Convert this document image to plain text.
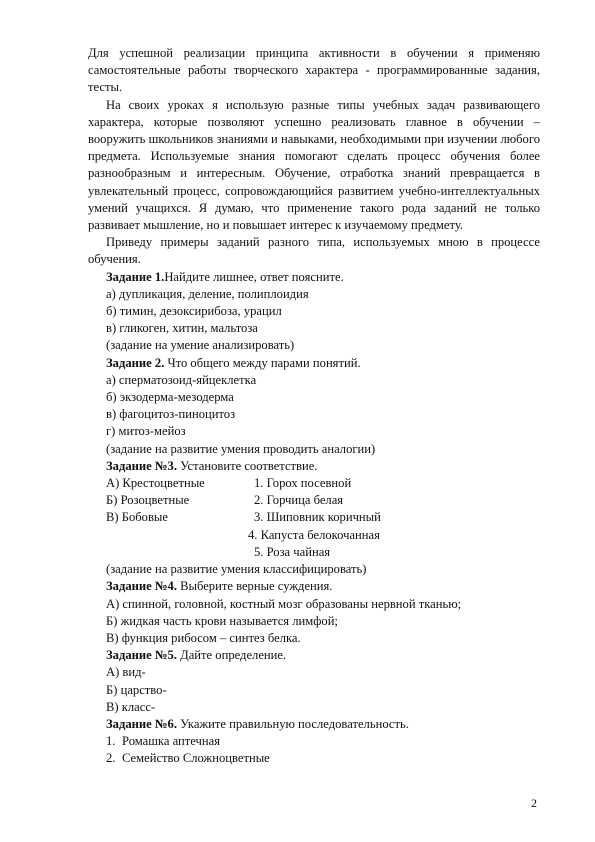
Для успешной реализации принципа активности в обучении я применяю самостоятельные работы творческого характера - программированные задания, тесты.

На своих уроках я использую разные типы учебных задач развивающего характера, которые позволяют успешно реализовать главное в обучении – вооружить школьников знаниями и навыками, необходимыми при изучении любого предмета. Используемые знания помогают сделать процесс обучения более разнообразным и интересным. Обучение, отработка знаний превращается в увлекательный процесс, сопровождающийся развитием учебно-интеллектуальных умений учащихся. Я думаю, что применение такого рода заданий не только развивает мышление, но и повышает интерес к изучаемому предмету.

Приведу примеры заданий разного типа, используемых мною в процессе обучения.

Задание 1.Найдите лишнее, ответ поясните.
а) дупликация, деление, полиплоидия
б) тимин, дезоксирибоза, урацил
в) гликоген, хитин, мальтоза
(задание на умение анализировать)
Задание 2. Что общего между парами понятий.
а) сперматозоид-яйцеклетка
б) экзодерма-мезодерма
в) фагоцитоз-пиноцитоз
г) митоз-мейоз
(задание на развитие умения проводить аналогии)
Задание №3. Установите соответствие.
А) Крестоцветные	1. Горох посевной
Б) Розоцветные	2. Горчица белая
В) Бобовые	3. Шиповник коричный
4. Капуста белокочанная
5. Роза чайная
(задание на развитие умения классифицировать)
Задание №4. Выберите верные суждения.
А) спинной, головной, костный мозг образованы нервной тканью;
Б) жидкая часть крови называется лимфой;
В) функция рибосом – синтез белка.
Задание №5. Дайте определение.
А) вид-
Б) царство-
В) класс-
Задание №6. Укажите правильную последовательность.
1. Ромашка аптечная
2. Семейство Сложноцветные
2
